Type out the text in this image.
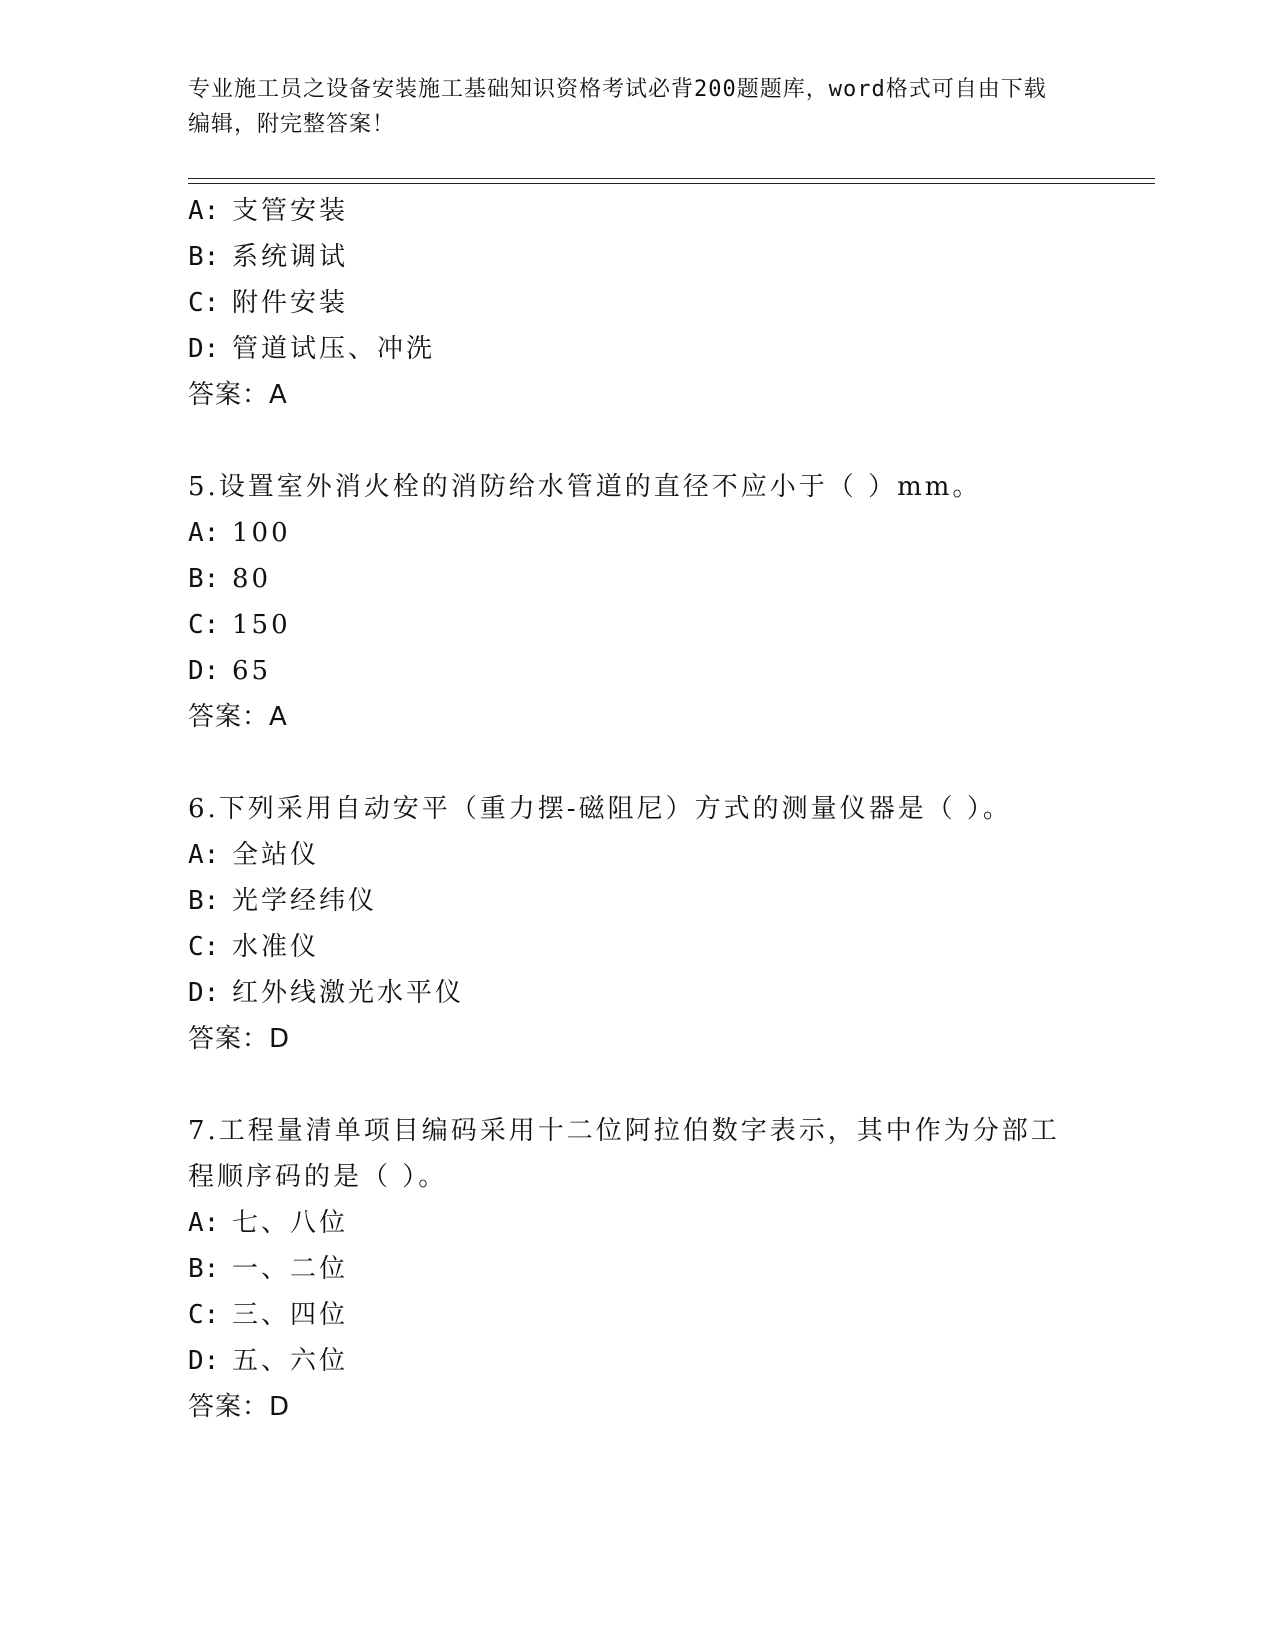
专业施工员之设备安装施工基础知识资格考试必背200题题库，word格式可自由下载编辑，附完整答案！
A: 支管安装
B: 系统调试
C: 附件安装
D: 管道试压、冲洗
答案：A
5.设置室外消火栓的消防给水管道的直径不应小于（ ）mm。
A: 100
B: 80
C: 150
D: 65
答案：A
6.下列采用自动安平（重力摆-磁阻尼）方式的测量仪器是（ ）。
A: 全站仪
B: 光学经纬仪
C: 水准仪
D: 红外线激光水平仪
答案：D
7.工程量清单项目编码采用十二位阿拉伯数字表示，其中作为分部工程顺序码的是（ ）。
A: 七、八位
B: 一、二位
C: 三、四位
D: 五、六位
答案：D
